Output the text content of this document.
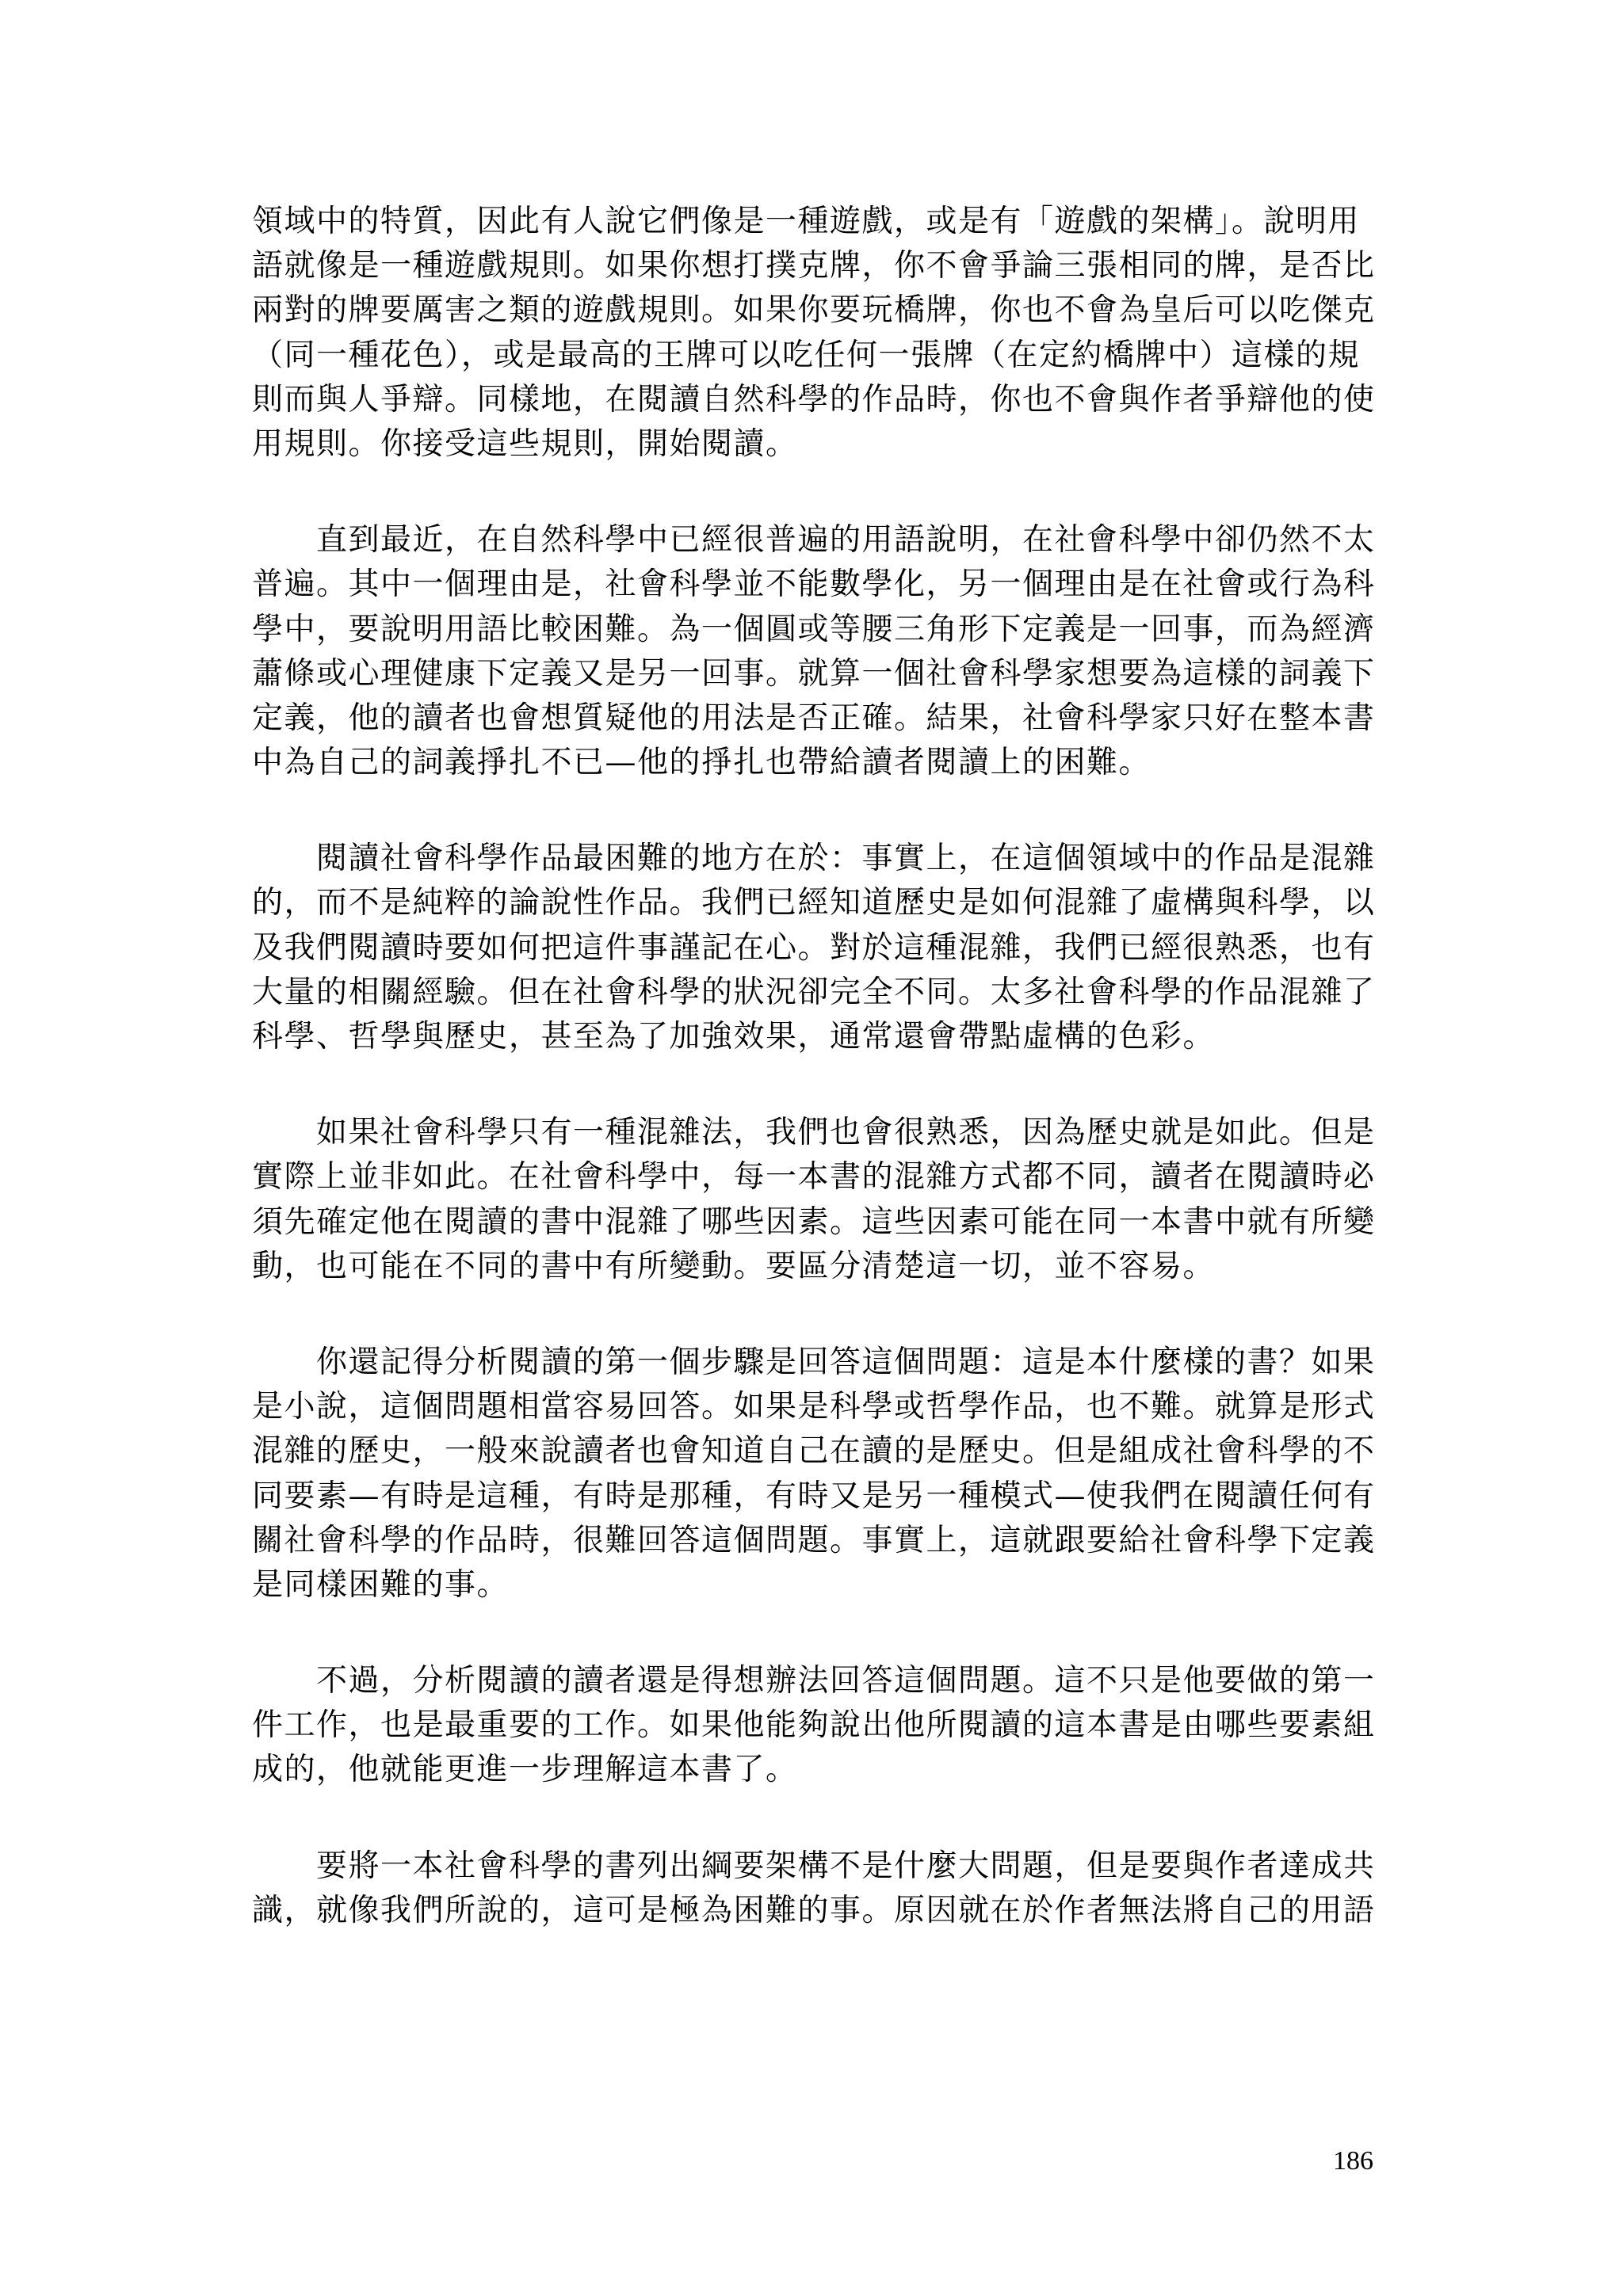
領域中的特質，因此有人說它們像是一種遊戲，或是有「遊戲的架構」。說明用
語就像是一種遊戲規則。如果你想打撲克牌，你不會爭論三張相同的牌，是否比
兩對的牌要厲害之類的遊戲規則。如果你要玩橋牌，你也不會為皇后可以吃傑克
（同一種花色），或是最高的王牌可以吃任何一張牌（在定約橋牌中）這樣的規
則而與人爭辯。同樣地，在閱讀自然科學的作品時，你也不會與作者爭辯他的使
用規則。你接受這些規則，開始閱讀。
　　直到最近，在自然科學中已經很普遍的用語說明，在社會科學中卻仍然不太
普遍。其中一個理由是，社會科學並不能數學化，另一個理由是在社會或行為科
學中，要說明用語比較困難。為一個圓或等腰三角形下定義是一回事，而為經濟
蕭條或心理健康下定義又是另一回事。就算一個社會科學家想要為這樣的詞義下
定義，他的讀者也會想質疑他的用法是否正確。結果，社會科學家只好在整本書
中為自己的詞義掙扎不已—他的掙扎也帶給讀者閱讀上的困難。
　　閱讀社會科學作品最困難的地方在於：事實上，在這個領域中的作品是混雜
的，而不是純粹的論說性作品。我們已經知道歷史是如何混雜了虛構與科學，以
及我們閱讀時要如何把這件事謹記在心。對於這種混雜，我們已經很熟悉，也有
大量的相關經驗。但在社會科學的狀況卻完全不同。太多社會科學的作品混雜了
科學、哲學與歷史，甚至為了加強效果，通常還會帶點虛構的色彩。
　　如果社會科學只有一種混雜法，我們也會很熟悉，因為歷史就是如此。但是
實際上並非如此。在社會科學中，每一本書的混雜方式都不同，讀者在閱讀時必
須先確定他在閱讀的書中混雜了哪些因素。這些因素可能在同一本書中就有所變
動，也可能在不同的書中有所變動。要區分清楚這一切，並不容易。
　　你還記得分析閱讀的第一個步驟是回答這個問題：這是本什麼樣的書？如果
是小說，這個問題相當容易回答。如果是科學或哲學作品，也不難。就算是形式
混雜的歷史，一般來說讀者也會知道自己在讀的是歷史。但是組成社會科學的不
同要素—有時是這種，有時是那種，有時又是另一種模式—使我們在閱讀任何有
關社會科學的作品時，很難回答這個問題。事實上，這就跟要給社會科學下定義
是同樣困難的事。
　　不過，分析閱讀的讀者還是得想辦法回答這個問題。這不只是他要做的第一
件工作，也是最重要的工作。如果他能夠說出他所閱讀的這本書是由哪些要素組
成的，他就能更進一步理解這本書了。
　　要將一本社會科學的書列出綱要架構不是什麼大問題，但是要與作者達成共
識，就像我們所說的，這可是極為困難的事。原因就在於作者無法將自己的用語
186
